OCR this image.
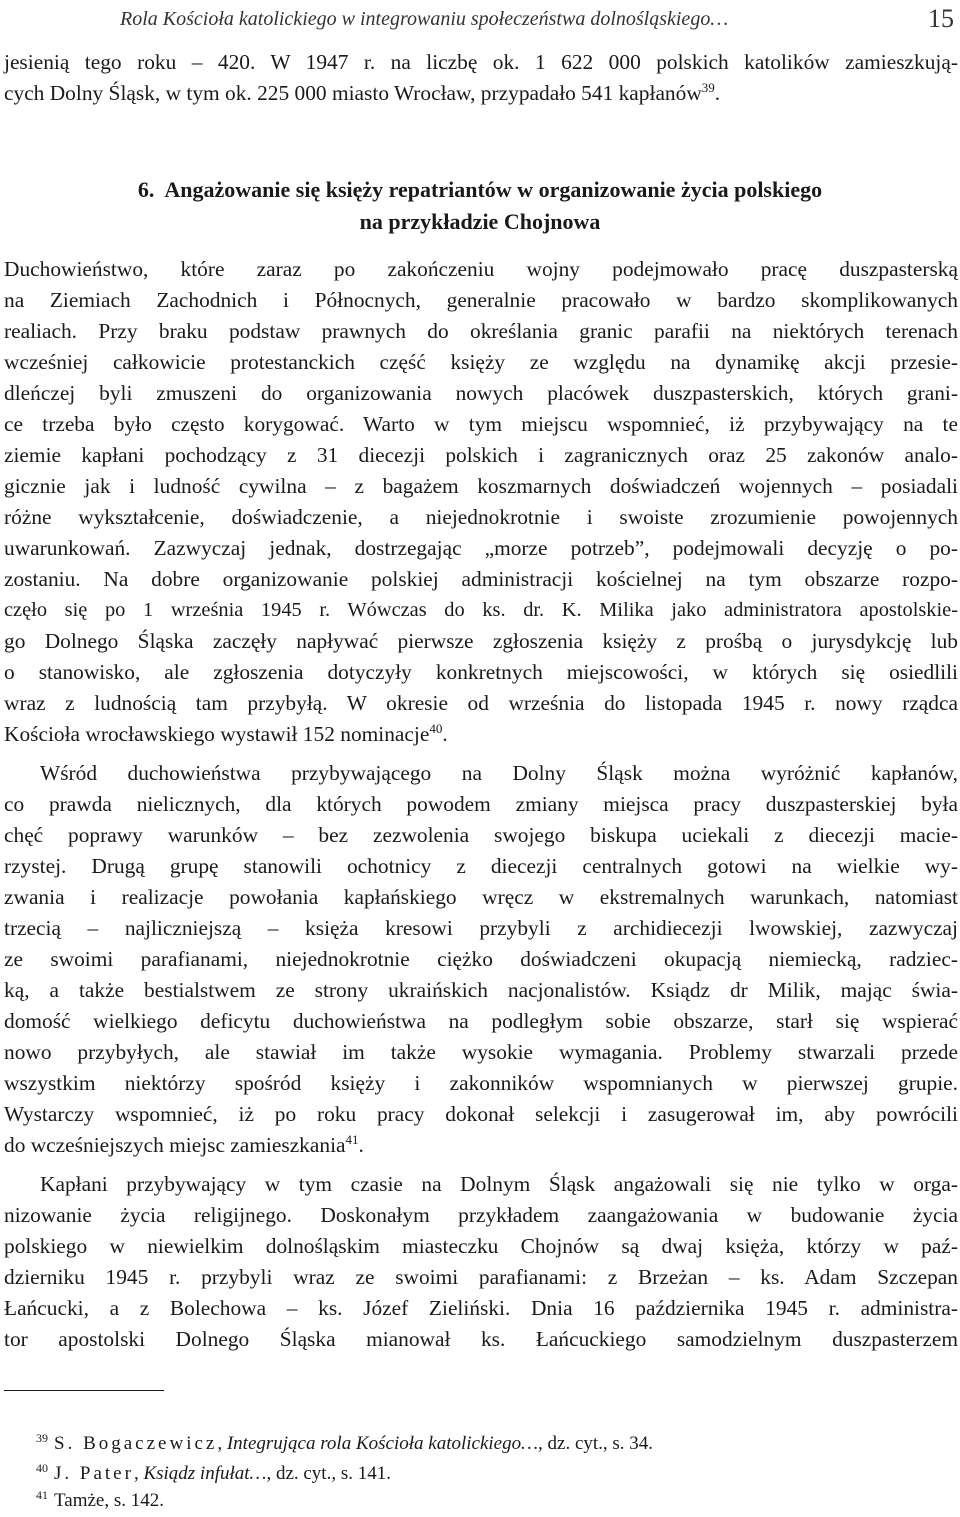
Rola Kościoła katolickiego w integrowaniu społeczeństwa dolnośląskiego…	15
jesienią tego roku – 420. W 1947 r. na liczbę ok. 1 622 000 polskich katolików zamieszkują-
cych Dolny Śląsk, w tym ok. 225 000 miasto Wrocław, przypadało 541 kapłanów$^{39}$.
6. Angażowanie się księży repatriantów w organizowanie życia polskiego
na przykładzie Chojnowa
Duchowieństwo, które zaraz po zakończeniu wojny podejmowało pracę duszpasterską
na Ziemiach Zachodnich i Północnych, generalnie pracowało w bardzo skomplikowanych
realiach. Przy braku podstaw prawnych do określania granic parafii na niektórych terenach
wcześniej całkowicie protestanckich część księży ze względu na dynamikę akcji przesie-
dleńczej byli zmuszeni do organizowania nowych placówek duszpasterskich, których grani-
ce trzeba było często korygować. Warto w tym miejscu wspomnieć, iż przybywający na te
ziemie kapłani pochodzący z 31 diecezji polskich i zagranicznych oraz 25 zakonów analo-
gicznie jak i ludność cywilna – z bagażem koszmarnych doświadczeń wojennych – posiadali
różne wykształcenie, doświadczenie, a niejednokrotnie i swoiste zrozumienie powojennych
uwarunkowań. Zazwyczaj jednak, dostrzegając „morze potrzeb”, podejmowali decyzję o po-
zostaniu. Na dobre organizowanie polskiej administracji kościelnej na tym obszarze rozpo-
częło się po 1 września 1945 r. Wówczas do ks. dr. K. Milika jako administratora apostolskie-
go Dolnego Śląska zaczęły napływać pierwsze zgłoszenia księży z prośbą o jurysdykcję lub
o stanowisko, ale zgłoszenia dotyczyły konkretnych miejscowości, w których się osiedlili
wraz z ludnością tam przybyłą. W okresie od września do listopada 1945 r. nowy rządca
Kościoła wrocławskiego wystawił 152 nominacje$^{40}$.
Wśród duchowieństwa przybywającego na Dolny Śląsk można wyróżnić kapłanów,
co prawda nielicznych, dla których powodem zmiany miejsca pracy duszpasterskiej była
chęć poprawy warunków – bez zezwolenia swojego biskupa uciekali z diecezji macie-
rzystej. Drugą grupę stanowili ochotnicy z diecezji centralnych gotowi na wielkie wy-
zwania i realizacje powołania kapłańskiego wręcz w ekstremalnych warunkach, natomiast
trzecią – najliczniejszą – księża kresowi przybyli z archidiecezji lwowskiej, zazwyczaj
ze swoimi parafianami, niejednokrotnie ciężko doświadczeni okupacją niemiecką, radziec-
ką, a także bestialstwem ze strony ukraińskich nacjonalistów. Ksiądz dr Milik, mając świa-
domość wielkiego deficytu duchowieństwa na podległym sobie obszarze, starł się wspierać
nowo przybyłych, ale stawiał im także wysokie wymagania. Problemy stwarzali przede
wszystkim niektórzy spośród księży i zakonników wspomnianych w pierwszej grupie.
Wystarczy wspomnieć, iż po roku pracy dokonał selekcji i zasugerował im, aby powrócili
do wcześniejszych miejsc zamieszkania$^{41}$.
Kapłani przybywający w tym czasie na Dolnym Śląsk angażowali się nie tylko w orga-
nizowanie życia religijnego. Doskonałym przykładem zaangażowania w budowanie życia
polskiego w niewielkim dolnośląskim miasteczku Chojnów są dwaj księża, którzy w paź-
dzierniku 1945 r. przybyli wraz ze swoimi parafianami: z Brzeżan – ks. Adam Szczepan
Łańcucki, a z Bolechowa – ks. Józef Zieliński. Dnia 16 października 1945 r. administra-
tor apostolski Dolnego Śląska mianował ks. Łańcuckiego samodzielnym duszpasterzem
$^{39}$ S. Bogaczewicz, Integrująca rola Kościoła katolickiego…, dz. cyt., s. 34.
$^{40}$ J. Pater, Ksiądz infułat…, dz. cyt., s. 141.
$^{41}$ Tamże, s. 142.
